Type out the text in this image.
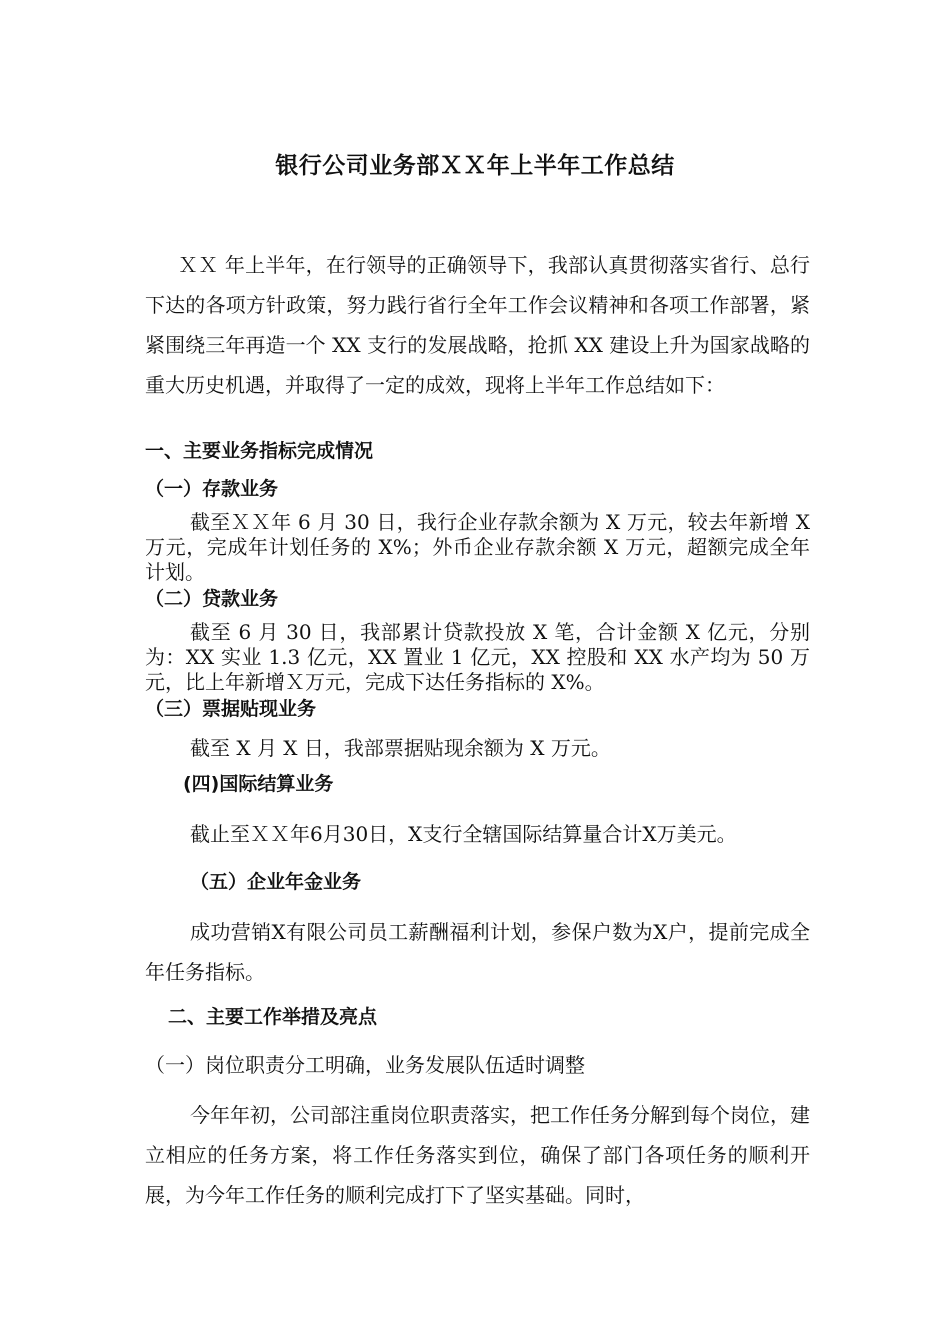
银行公司业务部ＸＸ年上半年工作总结

ＸＸ 年上半年，在行领导的正确领导下，我部认真贯彻落实省行、总行下达的各项方针政策，努力践行省行全年工作会议精神和各项工作部署，紧紧围绕三年再造一个 XX 支行的发展战略，抢抓 XX 建设上升为国家战略的重大历史机遇，并取得了一定的成效，现将上半年工作总结如下：

一、主要业务指标完成情况
（一）存款业务

截至ＸＸ年 6 月 30 日，我行企业存款余额为 X 万元，较去年新增 X 万元，完成年计划任务的 X%；外币企业存款余额 X 万元，超额完成全年计划。

（二）贷款业务

截至 6 月 30 日，我部累计贷款投放 X 笔，合计金额 X 亿元，分别为：XX 实业 1.3 亿元，XX 置业 1 亿元，XX 控股和 XX 水产均为 50 万元，比上年新增Ｘ万元，完成下达任务指标的 X%。

（三）票据贴现业务

截至 X 月 X 日，我部票据贴现余额为 X 万元。

(四)国际结算业务

截止至ＸＸ年6月30日，X支行全辖国际结算量合计X万美元。

（五）企业年金业务

成功营销X有限公司员工薪酬福利计划，参保户数为X户，提前完成全年任务指标。

二、主要工作举措及亮点

（一）岗位职责分工明确，业务发展队伍适时调整

今年年初，公司部注重岗位职责落实，把工作任务分解到每个岗位，建立相应的任务方案，将工作任务落实到位，确保了部门各项任务的顺利开展，为今年工作任务的顺利完成打下了坚实基础。同时，
